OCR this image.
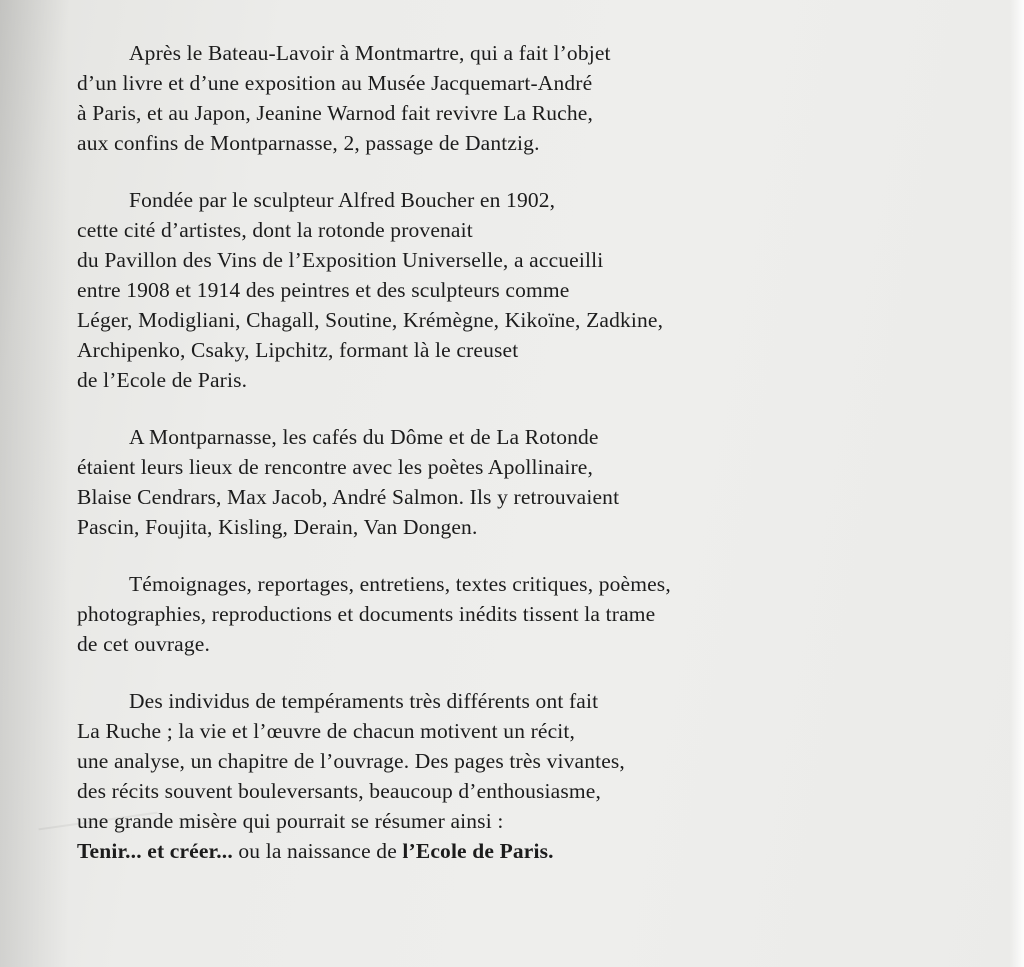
Après le Bateau-Lavoir à Montmartre, qui a fait l’objet
d’un livre et d’une exposition au Musée Jacquemart-André
à Paris, et au Japon, Jeanine Warnod fait revivre La Ruche,
aux confins de Montparnasse, 2, passage de Dantzig.

Fondée par le sculpteur Alfred Boucher en 1902,
cette cité d’artistes, dont la rotonde provenait
du Pavillon des Vins de l’Exposition Universelle, a accueilli
entre 1908 et 1914 des peintres et des sculpteurs comme
Léger, Modigliani, Chagall, Soutine, Krémègne, Kikoïne, Zadkine,
Archipenko, Csaky, Lipchitz, formant là le creuset
de l’Ecole de Paris.

A Montparnasse, les cafés du Dôme et de La Rotonde
étaient leurs lieux de rencontre avec les poètes Apollinaire,
Blaise Cendrars, Max Jacob, André Salmon. Ils y retrouvaient
Pascin, Foujita, Kisling, Derain, Van Dongen.

Témoignages, reportages, entretiens, textes critiques, poèmes,
photographies, reproductions et documents inédits tissent la trame
de cet ouvrage.

Des individus de tempéraments très différents ont fait
La Ruche ; la vie et l’œuvre de chacun motivent un récit,
une analyse, un chapitre de l’ouvrage. Des pages très vivantes,
des récits souvent bouleversants, beaucoup d’enthousiasme,
une grande misère qui pourrait se résumer ainsi :
Tenir... et créer... ou la naissance de l’Ecole de Paris.
